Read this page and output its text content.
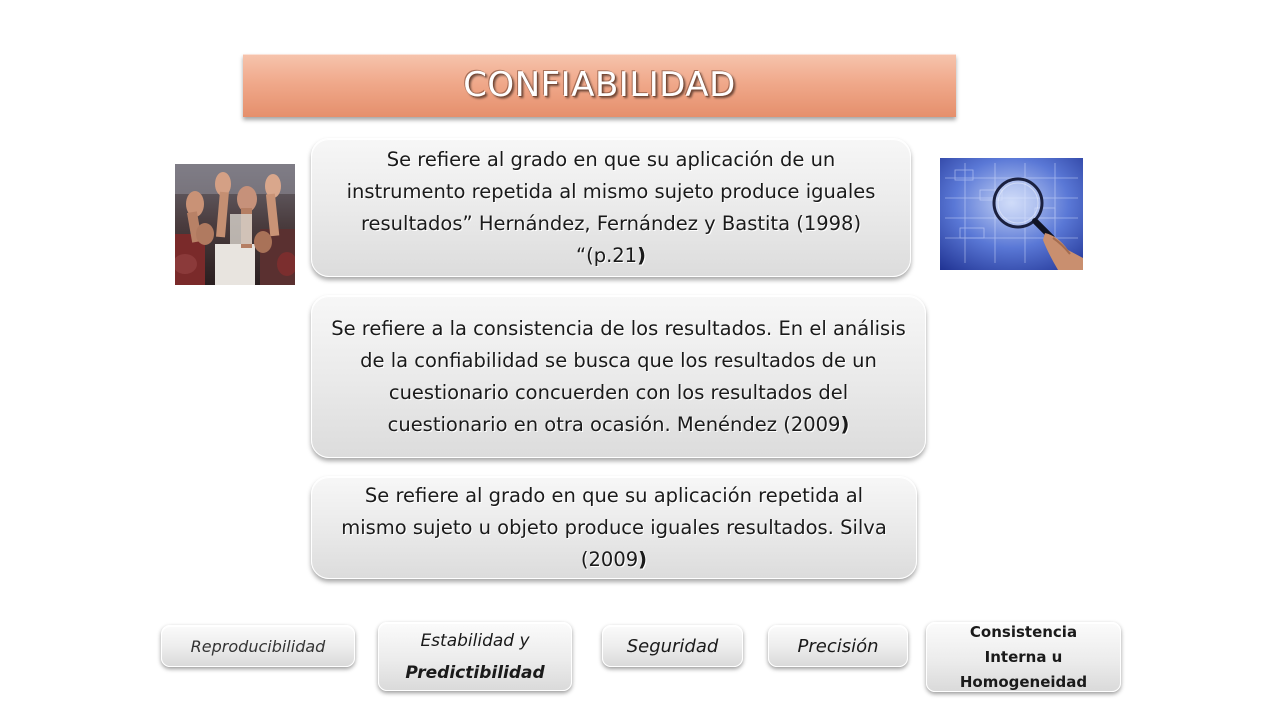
CONFIABILIDAD
Se refiere al grado en que su aplicación de un instrumento repetida al mismo sujeto produce iguales resultados” Hernández, Fernández y Bastita (1998) “(p.21)
Se refiere a la consistencia de los resultados. En el análisis de la confiabilidad se busca que los resultados de un cuestionario concuerden con los resultados del cuestionario en otra ocasión. Menéndez (2009)
Se refiere al grado en que su aplicación repetida al mismo sujeto u objeto produce iguales resultados. Silva (2009)
Reproducibilidad	Estabilidad y
Predictibilidad
Seguridad	Precisión
Consistencia
Interna u
Homogeneidad
